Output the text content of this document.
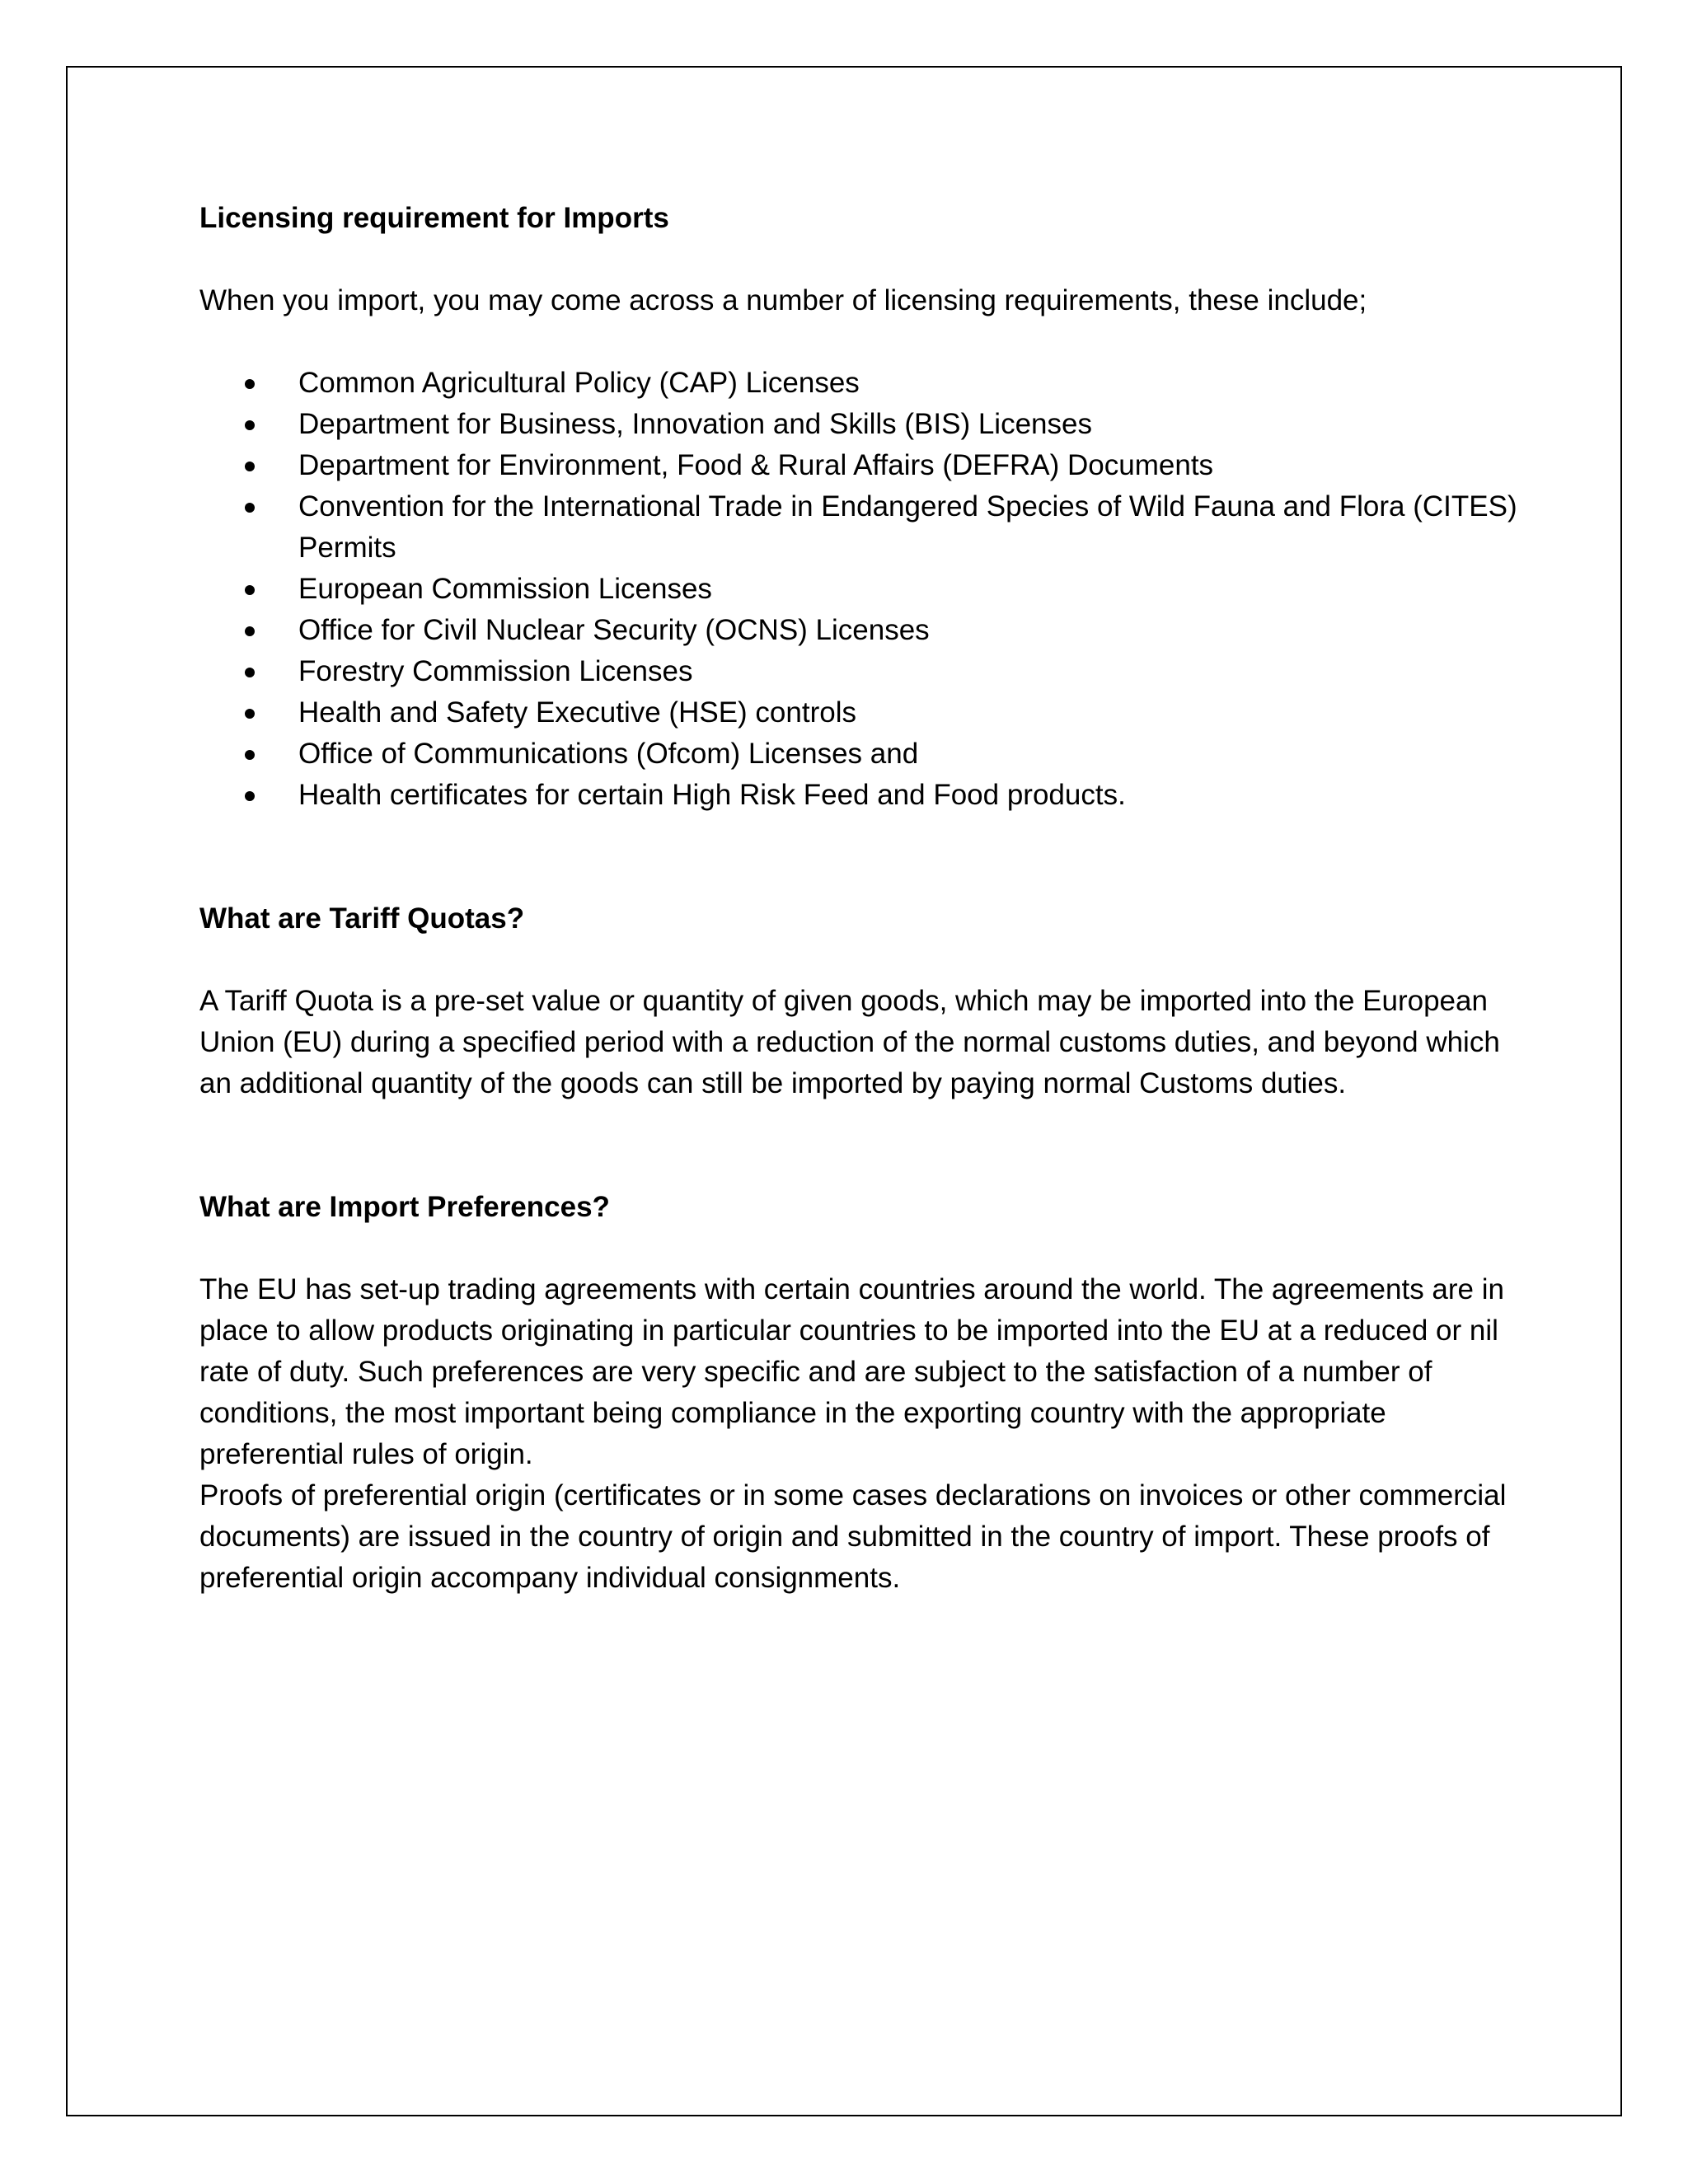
Licensing requirement for Imports

When you import, you may come across a number of licensing requirements, these include;

Common Agricultural Policy (CAP) Licenses
Department for Business, Innovation and Skills (BIS) Licenses
Department for Environment, Food & Rural Affairs (DEFRA) Documents
Convention for the International Trade in Endangered Species of Wild Fauna and Flora (CITES) Permits
European Commission Licenses
Office for Civil Nuclear Security (OCNS) Licenses
Forestry Commission Licenses
Health and Safety Executive (HSE) controls
Office of Communications (Ofcom) Licenses and
Health certificates for certain High Risk Feed and Food products.

What are Tariff Quotas?

A Tariff Quota is a pre-set value or quantity of given goods, which may be imported into the European Union (EU) during a specified period with a reduction of the normal customs duties, and beyond which an additional quantity of the goods can still be imported by paying normal Customs duties.

What are Import Preferences?

The EU has set-up trading agreements with certain countries around the world. The agreements are in place to allow products originating in particular countries to be imported into the EU at a reduced or nil rate of duty. Such preferences are very specific and are subject to the satisfaction of a number of conditions, the most important being compliance in the exporting country with the appropriate preferential rules of origin.

Proofs of preferential origin (certificates or in some cases declarations on invoices or other commercial documents) are issued in the country of origin and submitted in the country of import. These proofs of preferential origin accompany individual consignments.
